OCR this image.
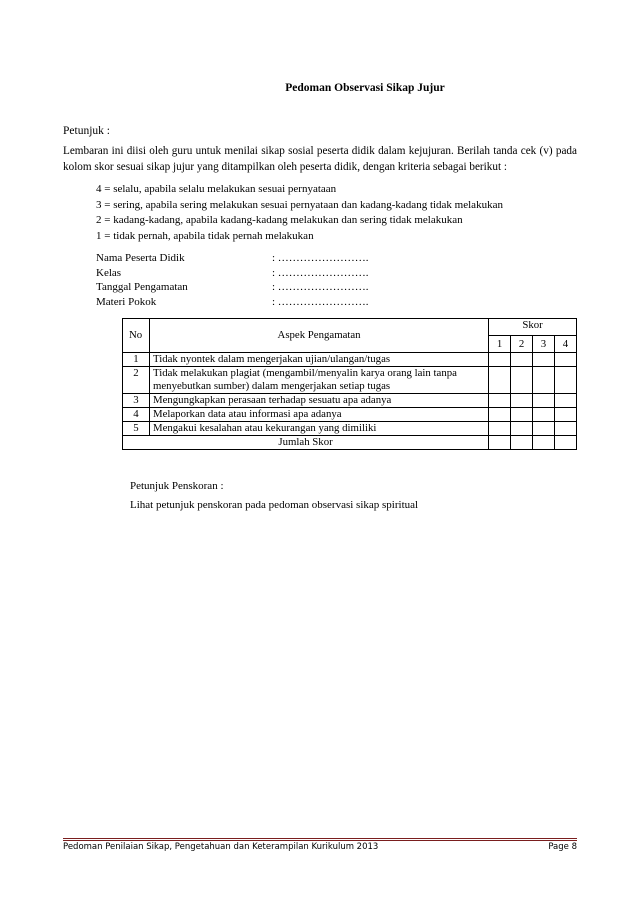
Pedoman Observasi Sikap Jujur
Petunjuk :
Lembaran ini diisi oleh guru untuk menilai sikap sosial peserta didik dalam kejujuran. Berilah tanda cek (v) pada kolom skor sesuai sikap jujur yang ditampilkan oleh peserta didik, dengan kriteria sebagai berikut :
4 = selalu, apabila selalu melakukan sesuai pernyataan
3 = sering, apabila sering melakukan sesuai pernyataan dan kadang-kadang tidak melakukan
2 = kadang-kadang, apabila kadang-kadang melakukan dan sering tidak melakukan
1 = tidak pernah, apabila tidak pernah melakukan
Nama Peserta Didik	: …………………….
Kelas	: …………………….
Tanggal Pengamatan	: …………………….
Materi Pokok	: …………………….
No	Aspek Pengamatan	Skor			
		1	2	3	4
1	Tidak nyontek dalam mengerjakan ujian/ulangan/tugas				
2	Tidak melakukan plagiat (mengambil/menyalin karya orang lain tanpa menyebutkan sumber) dalam mengerjakan setiap tugas				
3	Mengungkapkan perasaan terhadap sesuatu apa adanya				
4	Melaporkan data atau informasi apa adanya				
5	Mengakui kesalahan atau kekurangan yang dimiliki				
Jumlah Skor					
Petunjuk Penskoran :
Lihat petunjuk penskoran pada pedoman observasi sikap spiritual
Pedoman Penilaian Sikap, Pengetahuan dan Keterampilan Kurikulum 2013	Page 8
